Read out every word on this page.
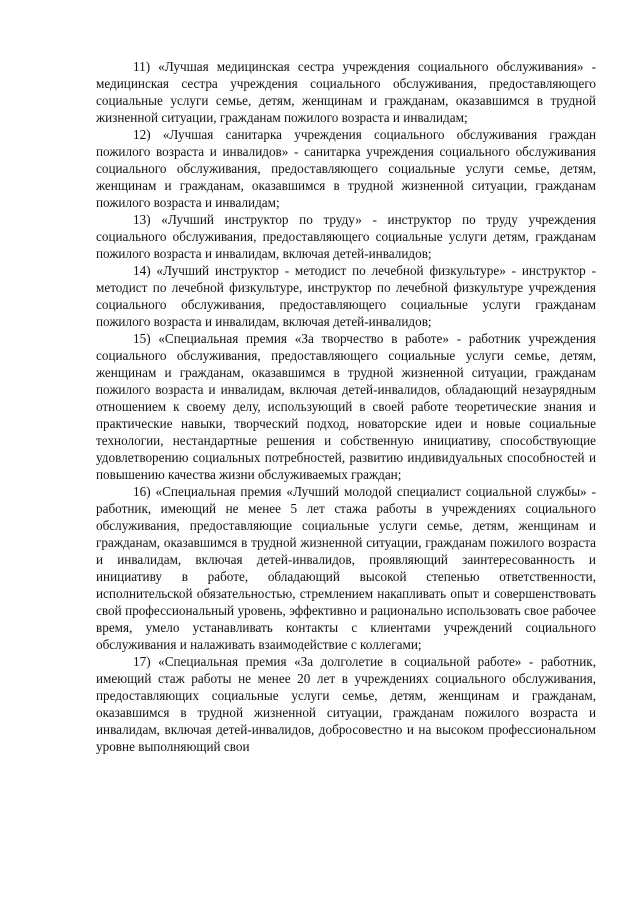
11) «Лучшая медицинская сестра учреждения социального обслуживания» - медицинская сестра учреждения социального обслуживания, предоставляющего социальные услуги семье, детям, женщинам и гражданам, оказавшимся в трудной жизненной ситуации, гражданам пожилого возраста и инвалидам;

12) «Лучшая санитарка учреждения социального обслуживания граждан пожилого возраста и инвалидов» - санитарка учреждения социального обслуживания социального обслуживания, предоставляющего социальные услуги семье, детям, женщинам и гражданам, оказавшимся в трудной жизненной ситуации, гражданам пожилого возраста и инвалидам;

13) «Лучший инструктор по труду» - инструктор по труду учреждения социального обслуживания, предоставляющего социальные услуги детям, гражданам пожилого возраста и инвалидам, включая детей-инвалидов;

14) «Лучший инструктор - методист по лечебной физкультуре» - инструктор - методист по лечебной физкультуре, инструктор по лечебной физкультуре учреждения социального обслуживания, предоставляющего социальные услуги гражданам пожилого возраста и инвалидам, включая детей-инвалидов;

15) «Специальная премия «За творчество в работе» - работник учреждения социального обслуживания, предоставляющего социальные услуги семье, детям, женщинам и гражданам, оказавшимся в трудной жизненной ситуации, гражданам пожилого возраста и инвалидам, включая детей-инвалидов, обладающий незаурядным отношением к своему делу, использующий в своей работе теоретические знания и практические навыки, творческий подход, новаторские идеи и новые социальные технологии, нестандартные решения и собственную инициативу, способствующие удовлетворению социальных потребностей, развитию индивидуальных способностей и повышению качества жизни обслуживаемых граждан;

16) «Специальная премия «Лучший молодой специалист социальной службы» - работник, имеющий не менее 5 лет стажа работы в учреждениях социального обслуживания, предоставляющие социальные услуги семье, детям, женщинам и гражданам, оказавшимся в трудной жизненной ситуации, гражданам пожилого возраста и инвалидам, включая детей-инвалидов, проявляющий заинтересованность и инициативу в работе, обладающий высокой степенью ответственности, исполнительской обязательностью, стремлением накапливать опыт и совершенствовать свой профессиональный уровень, эффективно и рационально использовать свое рабочее время, умело устанавливать контакты с клиентами учреждений социального обслуживания и налаживать взаимодействие с коллегами;

17) «Специальная премия «За долголетие в социальной работе» - работник, имеющий стаж работы не менее 20 лет в учреждениях социального обслуживания, предоставляющих социальные услуги семье, детям, женщинам и гражданам, оказавшимся в трудной жизненной ситуации, гражданам пожилого возраста и инвалидам, включая детей-инвалидов, добросовестно и на высоком профессиональном уровне выполняющий свои
